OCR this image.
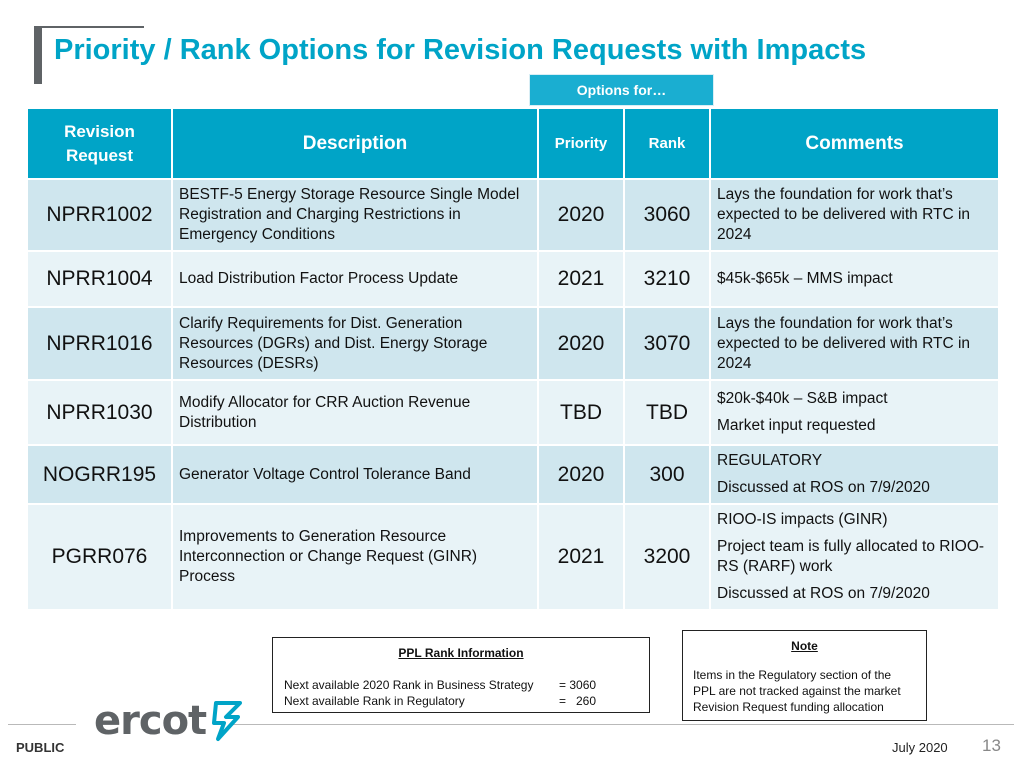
Priority / Rank Options for Revision Requests with Impacts
Options for…
Revision Request	Description	Priority	Rank	Comments
NPRR1002	BESTF-5 Energy Storage Resource Single Model Registration and Charging Restrictions in Emergency Conditions	2020	3060	Lays the foundation for work that’s expected to be delivered with RTC in 2024

NPRR1004	Load Distribution Factor Process Update	2021	3210	$45k-$65k – MMS impact

NPRR1016	Clarify Requirements for Dist. Generation Resources (DGRs) and Dist. Energy Storage Resources (DESRs)	2020	3070	Lays the foundation for work that’s expected to be delivered with RTC in 2024

NPRR1030	Modify Allocator for CRR Auction Revenue Distribution	TBD	TBD	$20k-$40k – S&B impact

Market input requested

NOGRR195	Generator Voltage Control Tolerance Band	2020	300	REGULATORY

Discussed at ROS on 7/9/2020

PGRR076	Improvements to Generation Resource Interconnection or Change Request (GINR) Process	2021	3200	RIOO-IS impacts (GINR)

Project team is fully allocated to RIOO-RS (RARF) work

Discussed at ROS on 7/9/2020

PPL Rank Information
Next available 2020 Rank in Business Strategy = 3060
Next available Rank in Regulatory	=   260
Note
Items in the Regulatory section of the PPL are not tracked against the market Revision Request funding allocation
ercot
PUBLIC	July 2020 13
